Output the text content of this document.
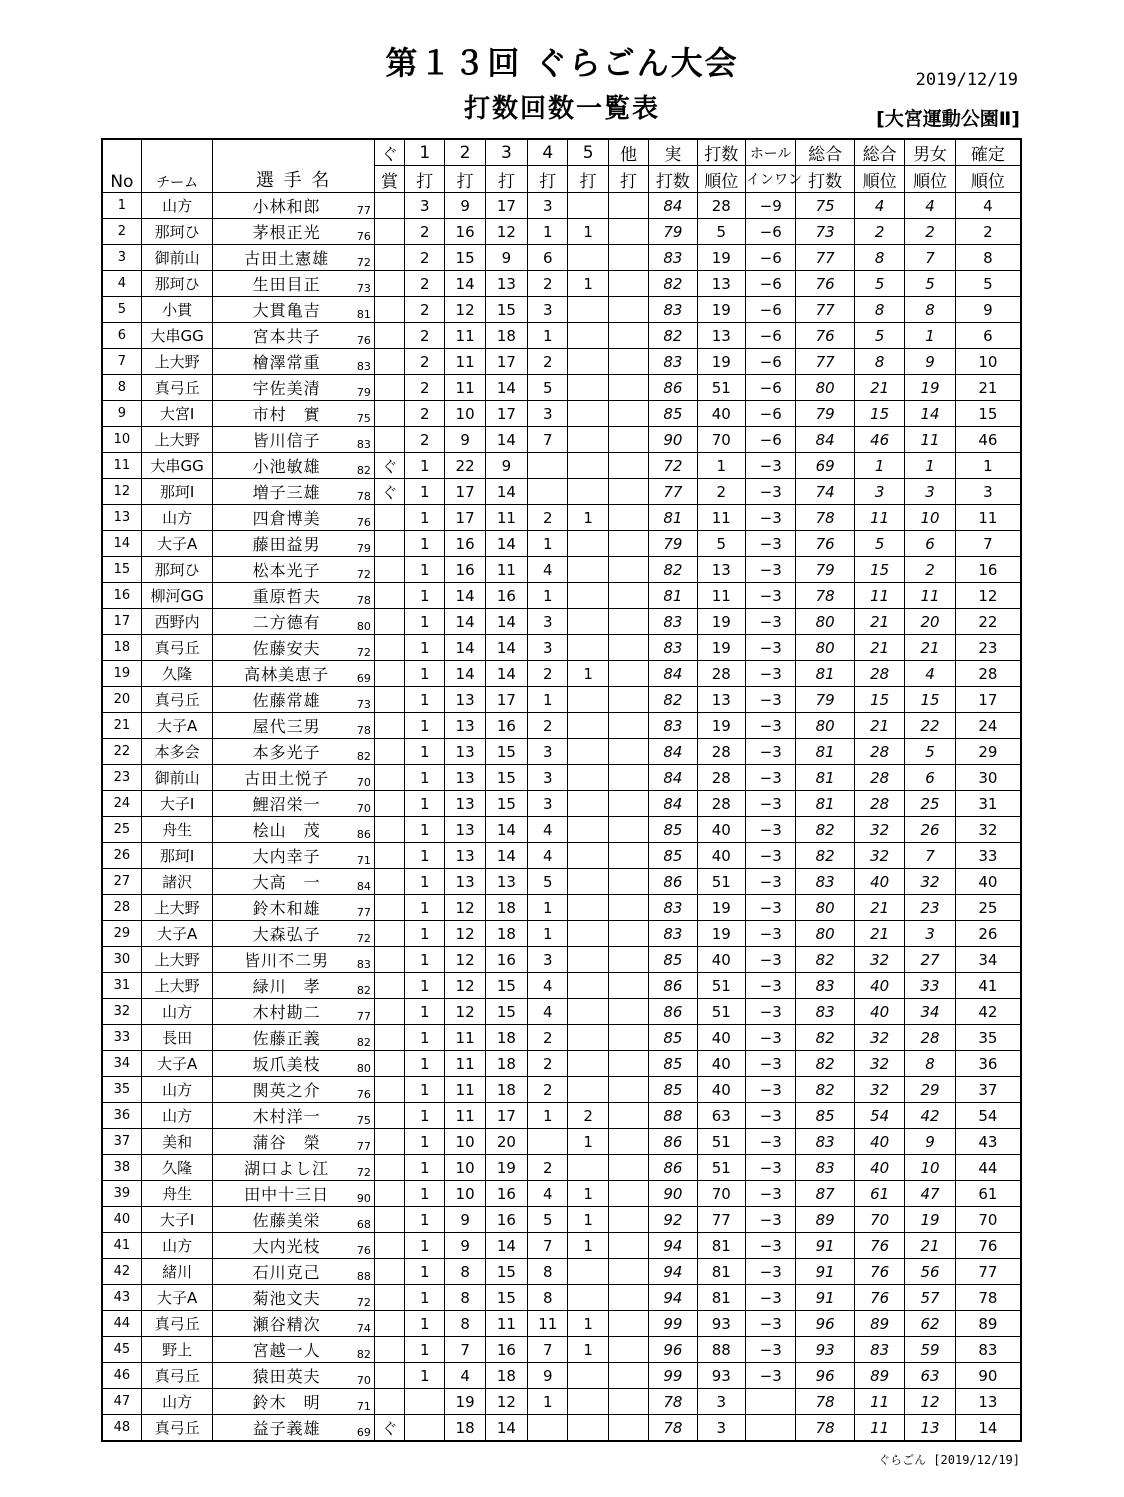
第１３回 ぐらごん大会	2019/12/19
打数回数一覧表	[大宮運動公園Ⅱ]
No	チーム	選 手 名	ぐ	1	2	3	4	5	他	実	打数	ホール	総合	総合	男女	確定
			賞	打	打	打	打	打	打	打数	順位	インワン	打数	順位	順位	順位
1	山方	小林和郎 77		3	9	17	3			84	28	−9	75	4	4	4
2	那珂ひ	茅根正光 76		2	16	12	1	1		79	5	−6	73	2	2	2
3	御前山	古田土憲雄 72		2	15	9	6			83	19	−6	77	8	7	8
4	那珂ひ	生田目正 73		2	14	13	2	1		82	13	−6	76	5	5	5
5	小貫	大貫亀吉 81		2	12	15	3			83	19	−6	77	8	8	9
6	大串GG	宮本共子 76		2	11	18	1			82	13	−6	76	5	1	6
7	上大野	檜澤常重 83		2	11	17	2			83	19	−6	77	8	9	10
8	真弓丘	宇佐美清 79		2	11	14	5			86	51	−6	80	21	19	21
9	大宮Ⅰ	市村　實 75		2	10	17	3			85	40	−6	79	15	14	15
10	上大野	皆川信子 83		2	9	14	7			90	70	−6	84	46	11	46
11	大串GG	小池敏雄 82	ぐ	1	22	9				72	1	−3	69	1	1	1
12	那珂Ⅰ	増子三雄 78	ぐ	1	17	14				77	2	−3	74	3	3	3
13	山方	四倉博美 76		1	17	11	2	1		81	11	−3	78	11	10	11
14	大子A	藤田益男 79		1	16	14	1			79	5	−3	76	5	6	7
15	那珂ひ	松本光子 72		1	16	11	4			82	13	−3	79	15	2	16
16	柳河GG	重原哲夫 78		1	14	16	1			81	11	−3	78	11	11	12
17	西野内	二方德有 80		1	14	14	3			83	19	−3	80	21	20	22
18	真弓丘	佐藤安夫 72		1	14	14	3			83	19	−3	80	21	21	23
19	久隆	高林美恵子 69		1	14	14	2	1		84	28	−3	81	28	4	28
20	真弓丘	佐藤常雄 73		1	13	17	1			82	13	−3	79	15	15	17
21	大子A	屋代三男 78		1	13	16	2			83	19	−3	80	21	22	24
22	本多会	本多光子 82		1	13	15	3			84	28	−3	81	28	5	29
23	御前山	古田土悦子 70		1	13	15	3			84	28	−3	81	28	6	30
24	大子Ⅰ	鯉沼栄一 70		1	13	15	3			84	28	−3	81	28	25	31
25	舟生	桧山　茂 86		1	13	14	4			85	40	−3	82	32	26	32
26	那珂Ⅰ	大内幸子 71		1	13	14	4			85	40	−3	82	32	7	33
27	諸沢	大高　一 84		1	13	13	5			86	51	−3	83	40	32	40
28	上大野	鈴木和雄 77		1	12	18	1			83	19	−3	80	21	23	25
29	大子A	大森弘子 72		1	12	18	1			83	19	−3	80	21	3	26
30	上大野	皆川不二男 83		1	12	16	3			85	40	−3	82	32	27	34
31	上大野	緑川　孝 82		1	12	15	4			86	51	−3	83	40	33	41
32	山方	木村勘二 77		1	12	15	4			86	51	−3	83	40	34	42
33	長田	佐藤正義 82		1	11	18	2			85	40	−3	82	32	28	35
34	大子A	坂爪美枝 80		1	11	18	2			85	40	−3	82	32	8	36
35	山方	関英之介 76		1	11	18	2			85	40	−3	82	32	29	37
36	山方	木村洋一 75		1	11	17	1	2		88	63	−3	85	54	42	54
37	美和	蒲谷　榮 77		1	10	20		1		86	51	−3	83	40	9	43
38	久隆	湖口よし江 72		1	10	19	2			86	51	−3	83	40	10	44
39	舟生	田中十三日 90		1	10	16	4	1		90	70	−3	87	61	47	61
40	大子Ⅰ	佐藤美栄 68		1	9	16	5	1		92	77	−3	89	70	19	70
41	山方	大内光枝 76		1	9	14	7	1		94	81	−3	91	76	21	76
42	緒川	石川克己 88		1	8	15	8			94	81	−3	91	76	56	77
43	大子A	菊池文夫 72		1	8	15	8			94	81	−3	91	76	57	78
44	真弓丘	瀬谷精次 74		1	8	11	11	1		99	93	−3	96	89	62	89
45	野上	宮越一人 82		1	7	16	7	1		96	88	−3	93	83	59	83
46	真弓丘	猿田英夫 70		1	4	18	9			99	93	−3	96	89	63	90
47	山方	鈴木　明 71			19	12	1			78	3		78	11	12	13
48	真弓丘	益子義雄 69	ぐ		18	14				78	3		78	11	13	14
ぐらごん [2019/12/19]
